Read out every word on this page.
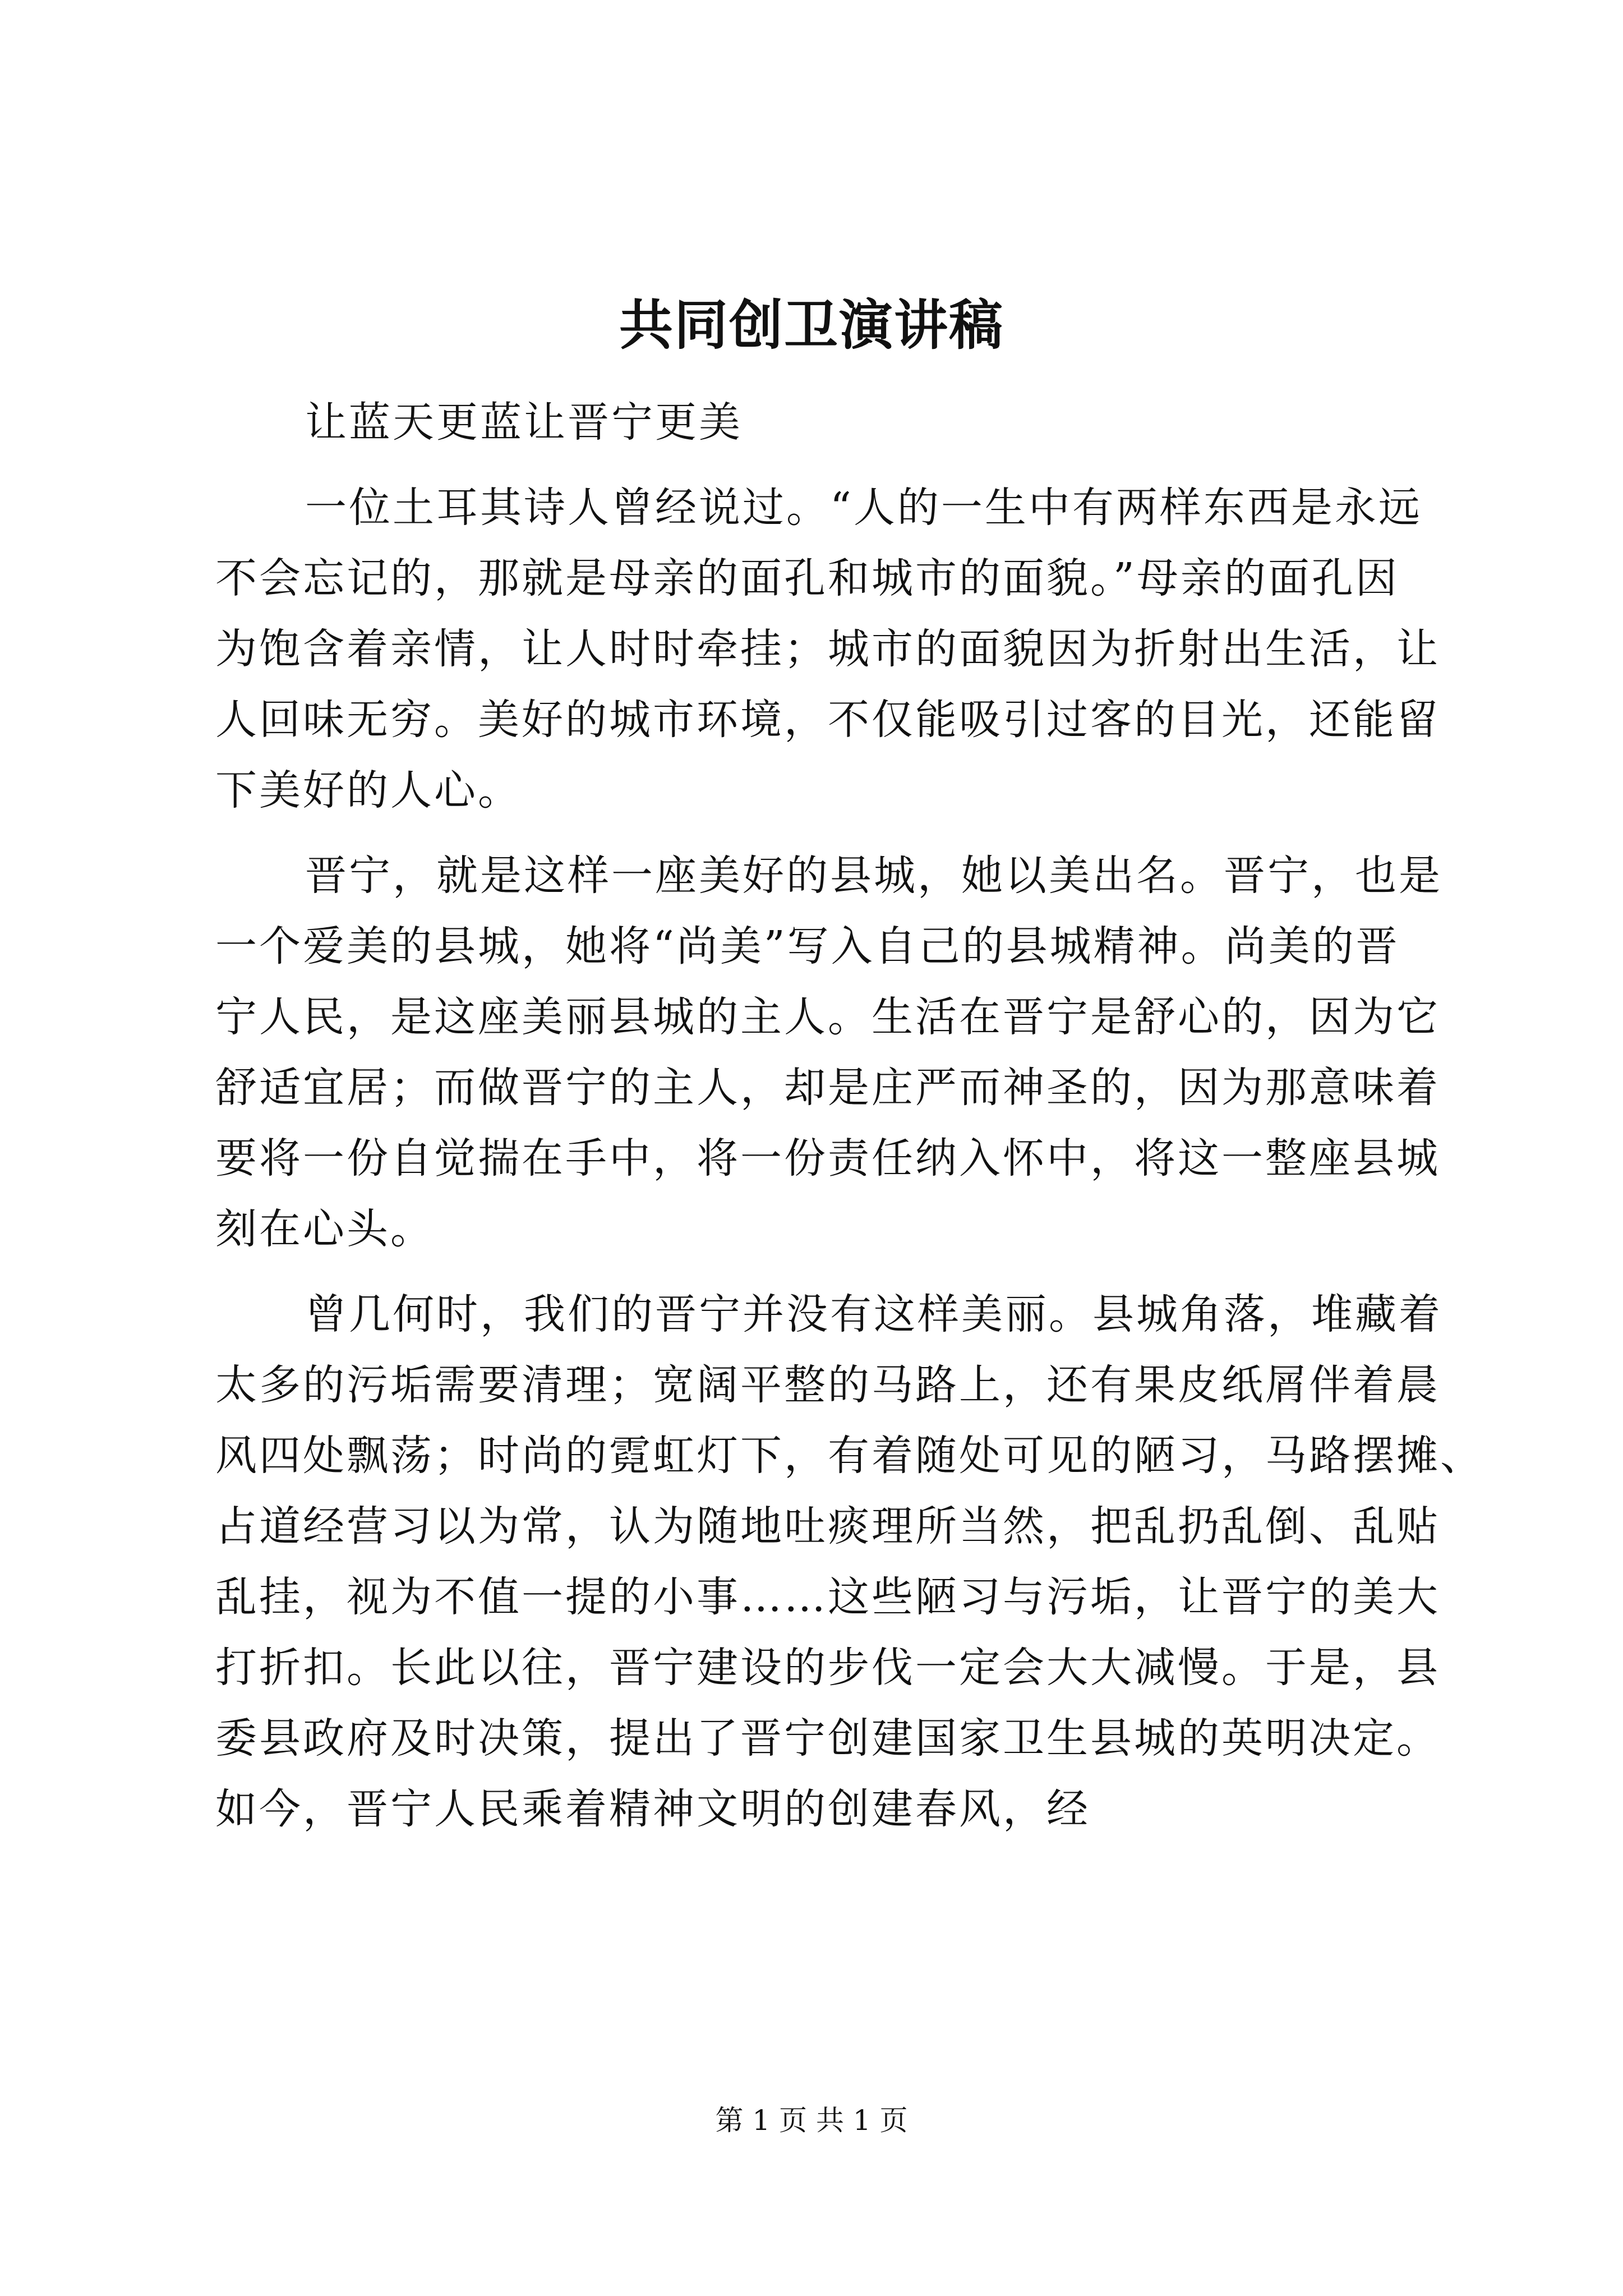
共同创卫演讲稿
让蓝天更蓝让晋宁更美
一位土耳其诗人曾经说过。“人的一生中有两样东西是永远
不会忘记的，那就是母亲的面孔和城市的面貌。”母亲的面孔因
为饱含着亲情，让人时时牵挂；城市的面貌因为折射出生活，让
人回味无穷。美好的城市环境，不仅能吸引过客的目光，还能留
下美好的人心。
晋宁，就是这样一座美好的县城，她以美出名。晋宁，也是
一个爱美的县城，她将“尚美”写入自己的县城精神。尚美的晋
宁人民，是这座美丽县城的主人。生活在晋宁是舒心的，因为它
舒适宜居；而做晋宁的主人，却是庄严而神圣的，因为那意味着
要将一份自觉揣在手中，将一份责任纳入怀中，将这一整座县城
刻在心头。
曾几何时，我们的晋宁并没有这样美丽。县城角落，堆藏着
太多的污垢需要清理；宽阔平整的马路上，还有果皮纸屑伴着晨
风四处飘荡；时尚的霓虹灯下，有着随处可见的陋习，马路摆摊、
占道经营习以为常，认为随地吐痰理所当然，把乱扔乱倒、乱贴
乱挂，视为不值一提的小事……这些陋习与污垢，让晋宁的美大
打折扣。长此以往，晋宁建设的步伐一定会大大减慢。于是，县
委县政府及时决策，提出了晋宁创建国家卫生县城的英明决定。
如今，晋宁人民乘着精神文明的创建春风，经
第 1 页 共 1 页
